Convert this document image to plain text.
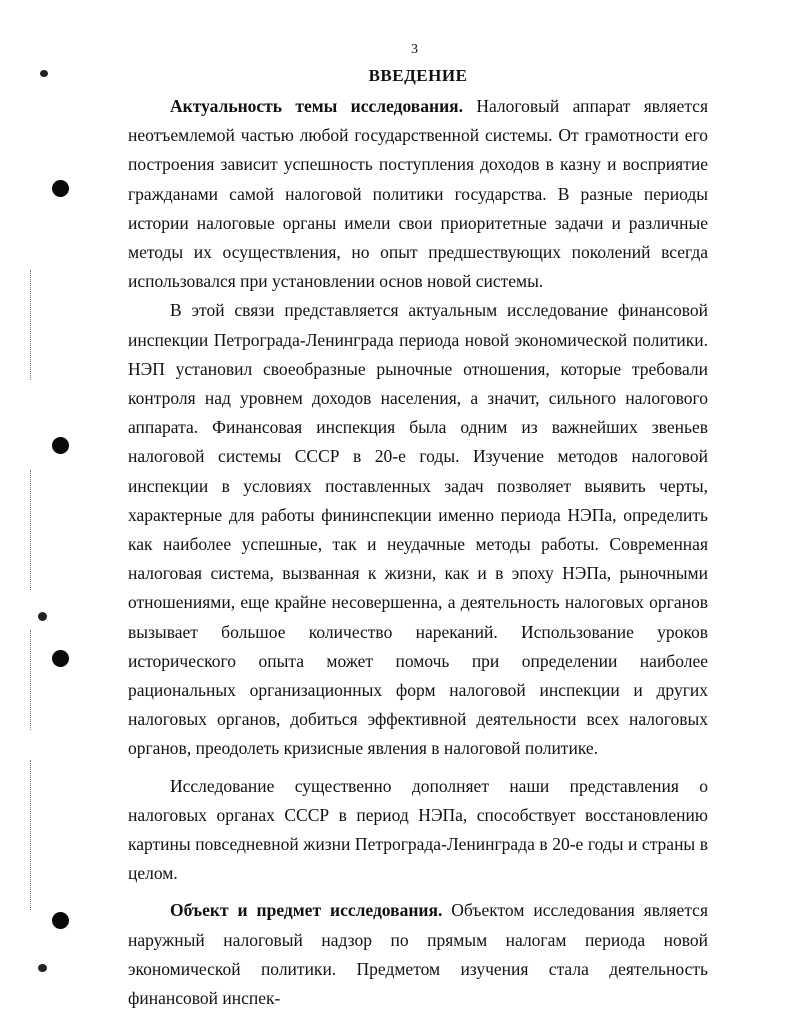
3
ВВЕДЕНИЕ

Актуальность темы исследования. Налоговый аппарат является неотъемлемой частью любой государственной системы. От грамотности его построения зависит успешность поступления доходов в казну и восприятие гражданами самой налоговой политики государства. В разные периоды истории налоговые органы имели свои приоритетные задачи и различные методы их осуществления, но опыт предшествующих поколений всегда использовался при установлении основ новой системы.

В этой связи представляется актуальным исследование финансовой инспекции Петрограда-Ленинграда периода новой экономической политики. НЭП установил своеобразные рыночные отношения, которые требовали контроля над уровнем доходов населения, а значит, сильного налогового аппарата. Финансовая инспекция была одним из важнейших звеньев налоговой системы СССР в 20-е годы. Изучение методов налоговой инспекции в условиях поставленных задач позволяет выявить черты, характерные для работы фининспекции именно периода НЭПа, определить как наиболее успешные, так и неудачные методы работы. Современная налоговая система, вызванная к жизни, как и в эпоху НЭПа, рыночными отношениями, еще крайне несовершенна, а деятельность налоговых органов вызывает большое количество нареканий. Использование уроков исторического опыта может помочь при определении наиболее рациональных организационных форм налоговой инспекции и других налоговых органов, добиться эффективной деятельности всех налоговых органов, преодолеть кризисные явления в налоговой политике.

Исследование существенно дополняет наши представления о налоговых органах СССР в период НЭПа, способствует восстановлению картины повседневной жизни Петрограда-Ленинграда в 20-е годы и страны в целом.

Объект и предмет исследования. Объектом исследования является наружный налоговый надзор по прямым налогам периода новой экономической политики. Предметом изучения стала деятельность финансовой инспек-
